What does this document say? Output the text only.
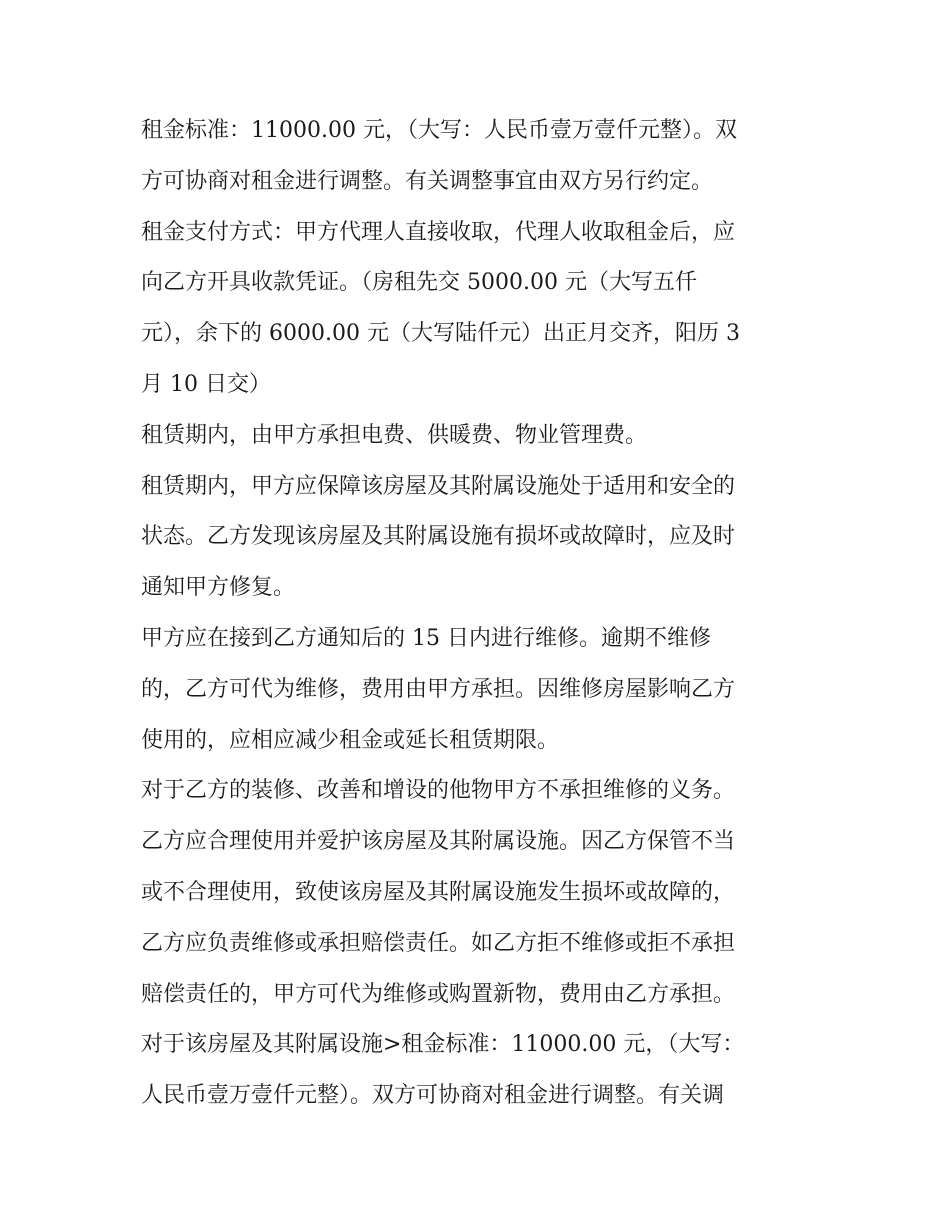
租金标准：11000.00 元，（大写：人民币壹万壹仟元整）。双
方可协商对租金进行调整。有关调整事宜由双方另行约定。
租金支付方式：甲方代理人直接收取，代理人收取租金后，应
向乙方开具收款凭证。（房租先交 5000.00 元（大写五仟
元），余下的 6000.00 元（大写陆仟元）出正月交齐，阳历 3
月 10 日交）
租赁期内，由甲方承担电费、供暖费、物业管理费。
租赁期内，甲方应保障该房屋及其附属设施处于适用和安全的
状态。乙方发现该房屋及其附属设施有损坏或故障时，应及时
通知甲方修复。
甲方应在接到乙方通知后的 15 日内进行维修。逾期不维修
的，乙方可代为维修，费用由甲方承担。因维修房屋影响乙方
使用的，应相应减少租金或延长租赁期限。
对于乙方的装修、改善和增设的他物甲方不承担维修的义务。
乙方应合理使用并爱护该房屋及其附属设施。因乙方保管不当
或不合理使用，致使该房屋及其附属设施发生损坏或故障的，
乙方应负责维修或承担赔偿责任。如乙方拒不维修或拒不承担
赔偿责任的，甲方可代为维修或购置新物，费用由乙方承担。
对于该房屋及其附属设施>租金标准：11000.00 元，（大写：
人民币壹万壹仟元整）。双方可协商对租金进行调整。有关调
